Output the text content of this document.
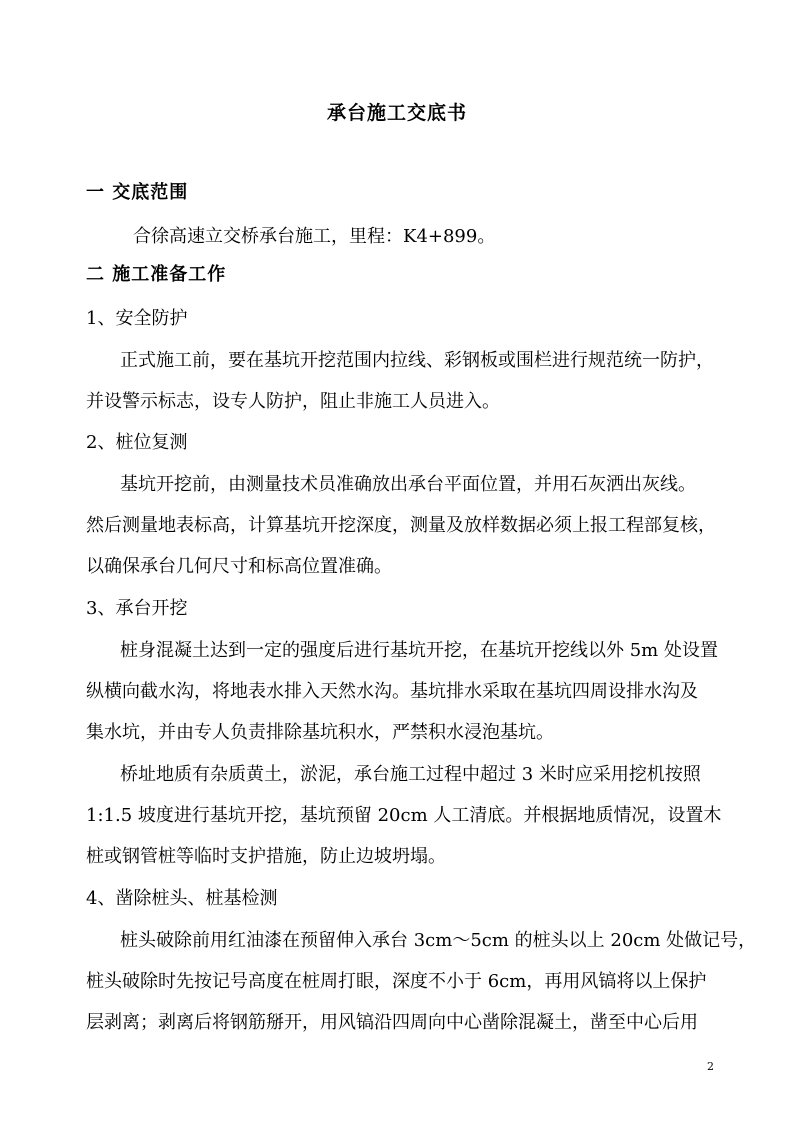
承台施工交底书
一 交底范围
合徐高速立交桥承台施工，里程：K4+899。
二 施工准备工作
1、安全防护
正式施工前，要在基坑开挖范围内拉线、彩钢板或围栏进行规范统一防护，
并设警示标志，设专人防护，阻止非施工人员进入。
2、桩位复测
基坑开挖前，由测量技术员准确放出承台平面位置，并用石灰洒出灰线。
然后测量地表标高，计算基坑开挖深度，测量及放样数据必须上报工程部复核，
以确保承台几何尺寸和标高位置准确。
3、承台开挖
桩身混凝土达到一定的强度后进行基坑开挖，在基坑开挖线以外 5m 处设置
纵横向截水沟，将地表水排入天然水沟。基坑排水采取在基坑四周设排水沟及
集水坑，并由专人负责排除基坑积水，严禁积水浸泡基坑。
桥址地质有杂质黄土，淤泥，承台施工过程中超过 3 米时应采用挖机按照
1:1.5 坡度进行基坑开挖，基坑预留 20cm 人工清底。并根据地质情况，设置木
桩或钢管桩等临时支护措施，防止边坡坍塌。
4、凿除桩头、桩基检测
桩头破除前用红油漆在预留伸入承台 3cm～5cm 的桩头以上 20cm 处做记号，
桩头破除时先按记号高度在桩周打眼，深度不小于 6cm，再用风镐将以上保护
层剥离；剥离后将钢筋掰开，用风镐沿四周向中心凿除混凝土，凿至中心后用
2
